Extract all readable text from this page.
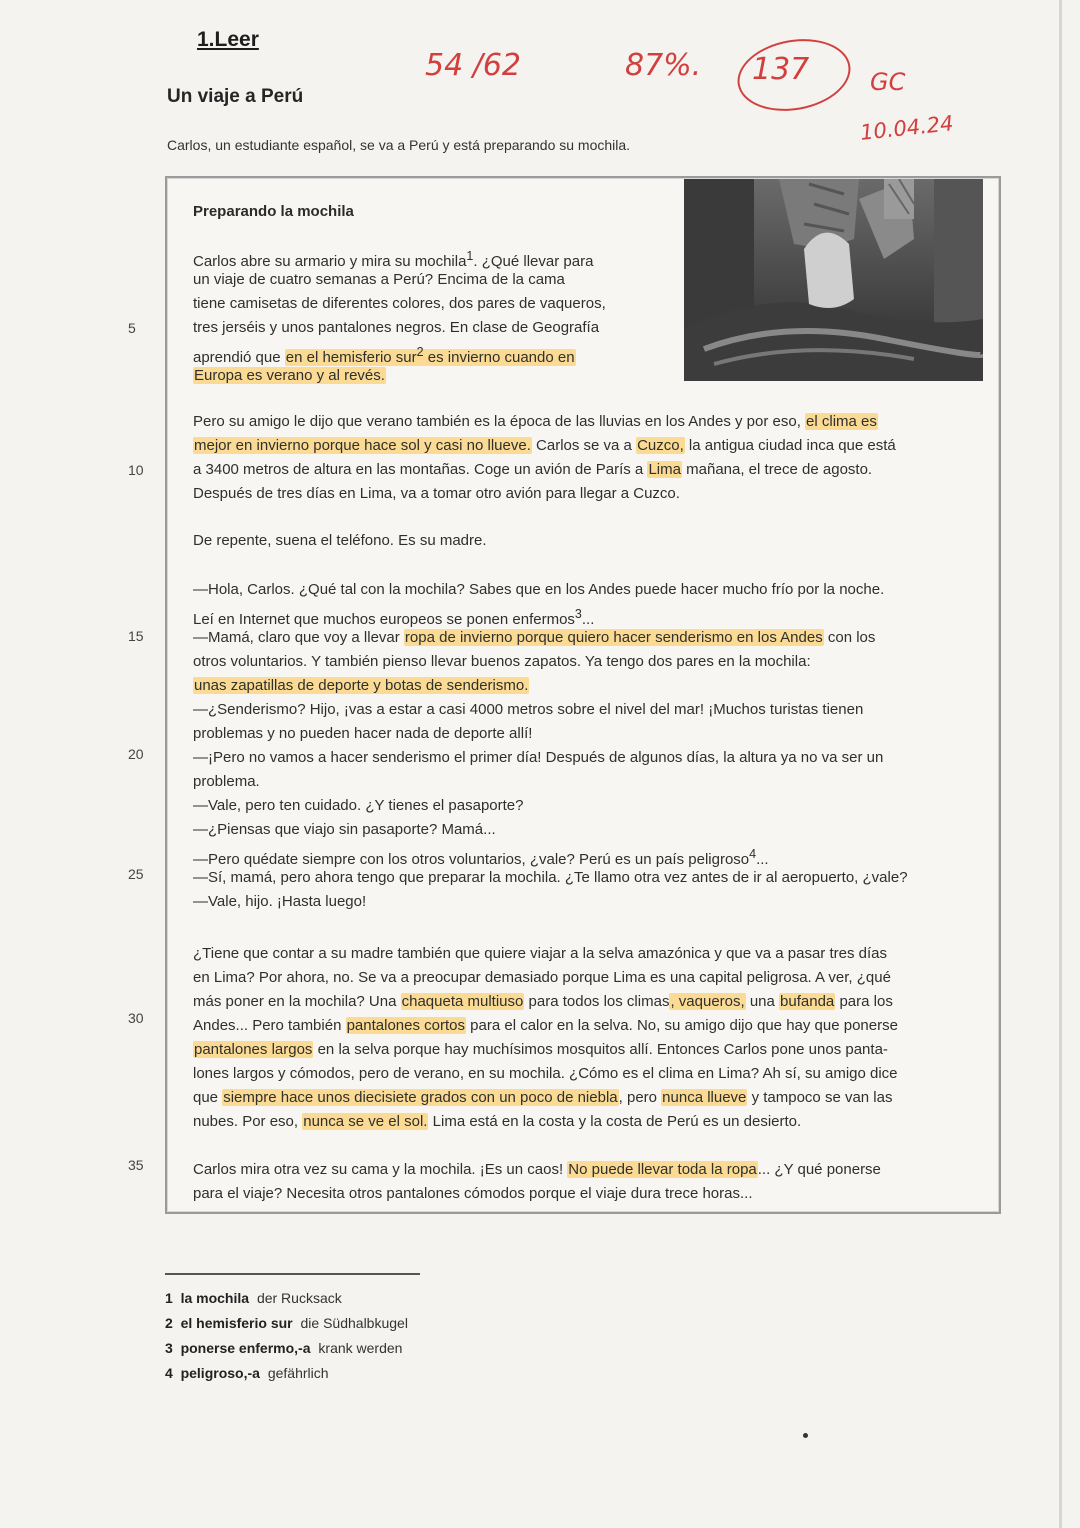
1.Leer
Un viaje a Perú
Carlos, un estudiante español, se va a Perú y está preparando su mochila.
54 /62	87%. 137	GC
10.04.24
Preparando la mochila
Carlos abre su armario y mira su mochila$^1$. ¿Qué llevar para
un viaje de cuatro semanas a Perú? Encima de la cama
tiene camisetas de diferentes colores, dos pares de vaqueros,
tres jerséis y unos pantalones negros. En clase de Geografía
aprendió que en el hemisferio sur$^2$ es invierno cuando en
Europa es verano y al revés.
Pero su amigo le dijo que verano también es la época de las lluvias en los Andes y por eso, el clima es
mejor en invierno porque hace sol y casi no llueve. Carlos se va a Cuzco, la antigua ciudad inca que está
a 3400 metros de altura en las montañas. Coge un avión de París a Lima mañana, el trece de agosto.
Después de tres días en Lima, va a tomar otro avión para llegar a Cuzco.
De repente, suena el teléfono. Es su madre.
—Hola, Carlos. ¿Qué tal con la mochila? Sabes que en los Andes puede hacer mucho frío por la noche.
Leí en Internet que muchos europeos se ponen enfermos$^3$...
—Mamá, claro que voy a llevar ropa de invierno porque quiero hacer senderismo en los Andes con los
otros voluntarios. Y también pienso llevar buenos zapatos. Ya tengo dos pares en la mochila:
unas zapatillas de deporte y botas de senderismo.
—¿Senderismo? Hijo, ¡vas a estar a casi 4000 metros sobre el nivel del mar! ¡Muchos turistas tienen
problemas y no pueden hacer nada de deporte allí!
—¡Pero no vamos a hacer senderismo el primer día! Después de algunos días, la altura ya no va ser un
problema.
—Vale, pero ten cuidado. ¿Y tienes el pasaporte?
—¿Piensas que viajo sin pasaporte? Mamá...
—Pero quédate siempre con los otros voluntarios, ¿vale? Perú es un país peligroso$^4$...
—Sí, mamá, pero ahora tengo que preparar la mochila. ¿Te llamo otra vez antes de ir al aeropuerto, ¿vale?
—Vale, hijo. ¡Hasta luego!
¿Tiene que contar a su madre también que quiere viajar a la selva amazónica y que va a pasar tres días
en Lima? Por ahora, no. Se va a preocupar demasiado porque Lima es una capital peligrosa. A ver, ¿qué
más poner en la mochila? Una chaqueta multiuso para todos los climas, vaqueros, una bufanda para los
Andes... Pero también pantalones cortos para el calor en la selva. No, su amigo dijo que hay que ponerse
pantalones largos en la selva porque hay muchísimos mosquitos allí. Entonces Carlos pone unos panta-
lones largos y cómodos, pero de verano, en su mochila. ¿Cómo es el clima en Lima? Ah sí, su amigo dice
que siempre hace unos diecisiete grados con un poco de niebla, pero nunca llueve y tampoco se van las
nubes. Por eso, nunca se ve el sol. Lima está en la costa y la costa de Perú es un desierto.
Carlos mira otra vez su cama y la mochila. ¡Es un caos! No puede llevar toda la ropa... ¿Y qué ponerse
para el viaje? Necesita otros pantalones cómodos porque el viaje dura trece horas...
5
10
15
20
25
30
35
1 la mochila der Rucksack
2 el hemisferio sur die Südhalbkugel
3 ponerse enfermo,-a krank werden
4 peligroso,-a gefährlich
